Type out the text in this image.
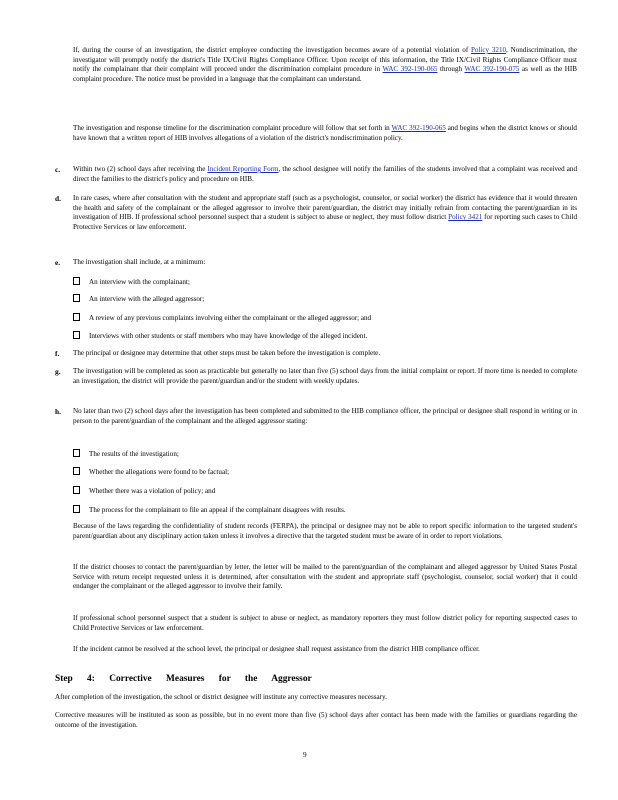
If, during the course of an investigation, the district employee conducting the investigation becomes aware of a potential violation of Policy 3210, Nondiscrimination, the investigator will promptly notify the district's Title IX/Civil Rights Compliance Officer. Upon receipt of this information, the Title IX/Civil Rights Compliance Officer must notify the complainant that their complaint will proceed under the discrimination complaint procedure in WAC 392-190-065 through WAC 392-190-075 as well as the HIB complaint procedure. The notice must be provided in a language that the complainant can understand.

The investigation and response timeline for the discrimination complaint procedure will follow that set forth in WAC 392-190-065 and begins when the district knows or should have known that a written report of HIB involves allegations of a violation of the district's nondiscrimination policy.

c. Within two (2) school days after receiving the Incident Reporting Form, the school designee will notify the families of the students involved that a complaint was received and direct the families to the district's policy and procedure on HIB.

d. In rare cases, where after consultation with the student and appropriate staff (such as a psychologist, counselor, or social worker) the district has evidence that it would threaten the health and safety of the complainant or the alleged aggressor to involve their parent/guardian, the district may initially refrain from contacting the parent/guardian in its investigation of HIB. If professional school personnel suspect that a student is subject to abuse or neglect, they must follow district Policy 3421 for reporting such cases to Child Protective Services or law enforcement.

e. The investigation shall include, at a minimum:

An interview with the complainant;
An interview with the alleged aggressor;
A review of any previous complaints involving either the complainant or the alleged aggressor; and
Interviews with other students or staff members who may have knowledge of the alleged incident.
f. The principal or designee may determine that other steps must be taken before the investigation is complete.

g. The investigation will be completed as soon as practicable but generally no later than five (5) school days from the initial complaint or report. If more time is needed to complete an investigation, the district will provide the parent/guardian and/or the student with weekly updates.

h. No later than two (2) school days after the investigation has been completed and submitted to the HIB compliance officer, the principal or designee shall respond in writing or in person to the parent/guardian of the complainant and the alleged aggressor stating:

The results of the investigation;
Whether the allegations were found to be factual;
Whether there was a violation of policy; and
The process for the complainant to file an appeal if the complainant disagrees with results.

Because of the laws regarding the confidentiality of student records (FERPA), the principal or designee may not be able to report specific information to the targeted student's parent/guardian about any disciplinary action taken unless it involves a directive that the targeted student must be aware of in order to report violations.

If the district chooses to contact the parent/guardian by letter, the letter will be mailed to the parent/guardian of the complainant and alleged aggressor by United States Postal Service with return receipt requested unless it is determined, after consultation with the student and appropriate staff (psychologist, counselor, social worker) that it could endanger the complainant or the alleged aggressor to involve their family.

If professional school personnel suspect that a student is subject to abuse or neglect, as mandatory reporters they must follow district policy for reporting suspected cases to Child Protective Services or law enforcement.

If the incident cannot be resolved at the school level, the principal or designee shall request assistance from the district HIB compliance officer.

Step 4: Corrective Measures for the Aggressor

After completion of the investigation, the school or district designee will institute any corrective measures necessary.

Corrective measures will be instituted as soon as possible, but in no event more than five (5) school days after contact has been made with the families or guardians regarding the outcome of the investigation.

9
